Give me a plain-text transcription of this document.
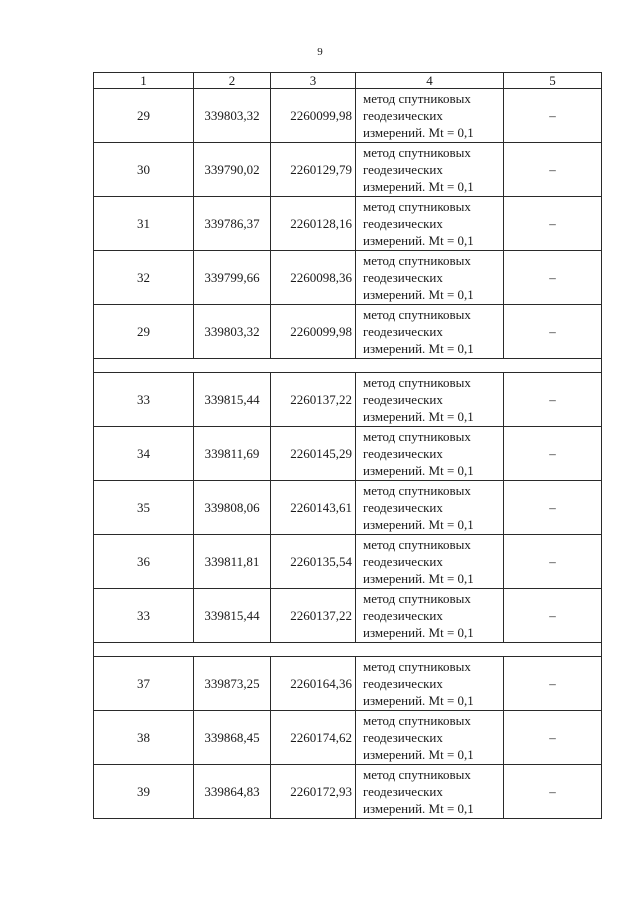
9
1	2	3	4	5
29	339803,32	2260099,98	метод спутниковых
геодезических
измерений. Mt = 0,1	–
30	339790,02	2260129,79	метод спутниковых
геодезических
измерений. Mt = 0,1	–
31	339786,37	2260128,16	метод спутниковых
геодезических
измерений. Mt = 0,1	–
32	339799,66	2260098,36	метод спутниковых
геодезических
измерений. Mt = 0,1	–
29	339803,32	2260099,98	метод спутниковых
геодезических
измерений. Mt = 0,1	–

33	339815,44	2260137,22	метод спутниковых
геодезических
измерений. Mt = 0,1	–
34	339811,69	2260145,29	метод спутниковых
геодезических
измерений. Mt = 0,1	–
35	339808,06	2260143,61	метод спутниковых
геодезических
измерений. Mt = 0,1	–
36	339811,81	2260135,54	метод спутниковых
геодезических
измерений. Mt = 0,1	–
33	339815,44	2260137,22	метод спутниковых
геодезических
измерений. Mt = 0,1	–

37	339873,25	2260164,36	метод спутниковых
геодезических
измерений. Mt = 0,1	–
38	339868,45	2260174,62	метод спутниковых
геодезических
измерений. Mt = 0,1	–
39	339864,83	2260172,93	метод спутниковых
геодезических
измерений. Mt = 0,1	–
